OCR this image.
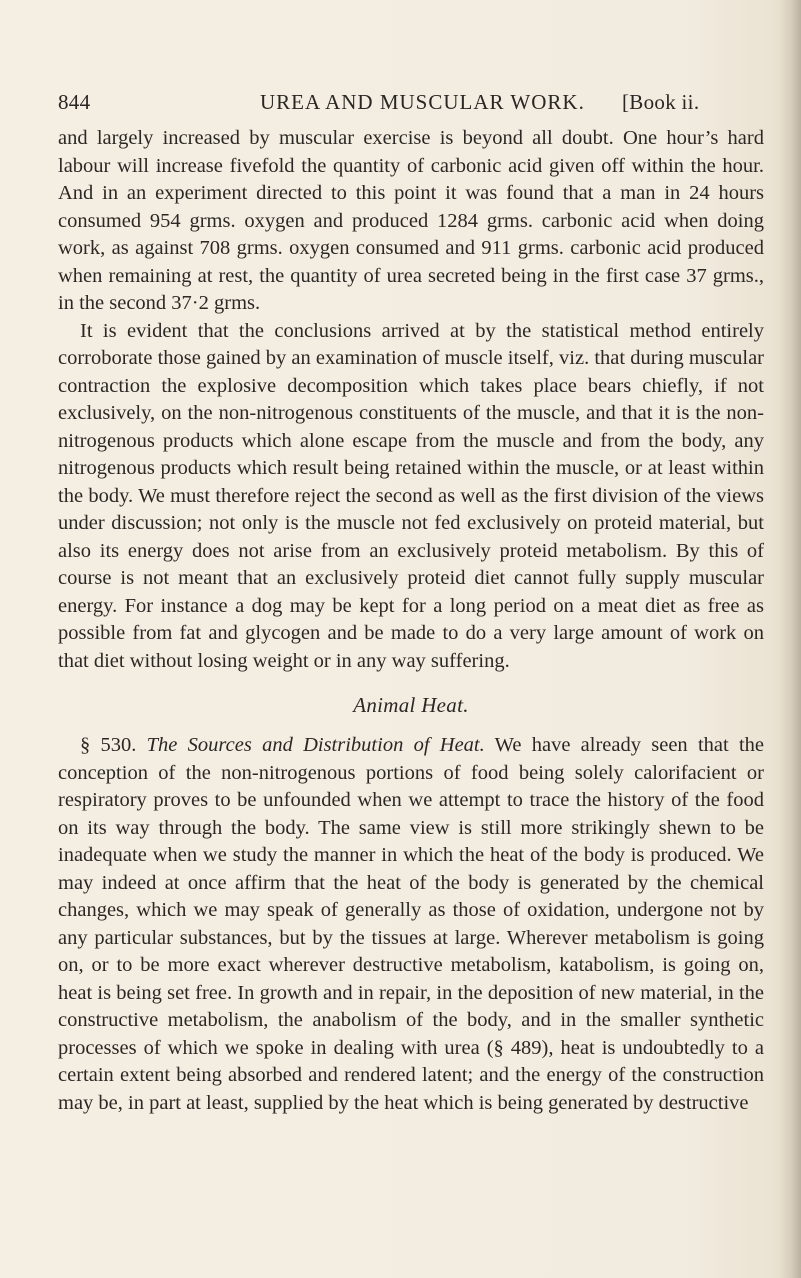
844	UREA AND MUSCULAR WORK. [Book ii.

and largely increased by muscular exercise is beyond all doubt. One hour’s hard labour will increase fivefold the quantity of carbonic acid given off within the hour. And in an experiment directed to this point it was found that a man in 24 hours consumed 954 grms. oxygen and produced 1284 grms. carbonic acid when doing work, as against 708 grms. oxygen consumed and 911 grms. carbonic acid produced when remaining at rest, the quantity of urea secreted being in the first case 37 grms., in the second 37·2 grms.

It is evident that the conclusions arrived at by the statistical method entirely corroborate those gained by an examination of muscle itself, viz. that during muscular contraction the explosive decomposition which takes place bears chiefly, if not exclusively, on the non-nitrogenous constituents of the muscle, and that it is the non-nitrogenous products which alone escape from the muscle and from the body, any nitrogenous products which result being retained within the muscle, or at least within the body. We must therefore reject the second as well as the first division of the views under discussion; not only is the muscle not fed exclusively on proteid material, but also its energy does not arise from an exclusively proteid metabolism. By this of course is not meant that an exclusively proteid diet cannot fully supply muscular energy. For instance a dog may be kept for a long period on a meat diet as free as possible from fat and glycogen and be made to do a very large amount of work on that diet without losing weight or in any way suffering.

Animal Heat.

§ 530. The Sources and Distribution of Heat. We have already seen that the conception of the non-nitrogenous portions of food being solely calorifacient or respiratory proves to be unfounded when we attempt to trace the history of the food on its way through the body. The same view is still more strikingly shewn to be inadequate when we study the manner in which the heat of the body is produced. We may indeed at once affirm that the heat of the body is generated by the chemical changes, which we may speak of generally as those of oxidation, undergone not by any particular substances, but by the tissues at large. Wherever metabolism is going on, or to be more exact wherever destructive metabolism, katabolism, is going on, heat is being set free. In growth and in repair, in the deposition of new material, in the constructive metabolism, the anabolism of the body, and in the smaller synthetic processes of which we spoke in dealing with urea (§ 489), heat is undoubtedly to a certain extent being absorbed and rendered latent; and the energy of the construction may be, in part at least, supplied by the heat which is being generated by destructive
